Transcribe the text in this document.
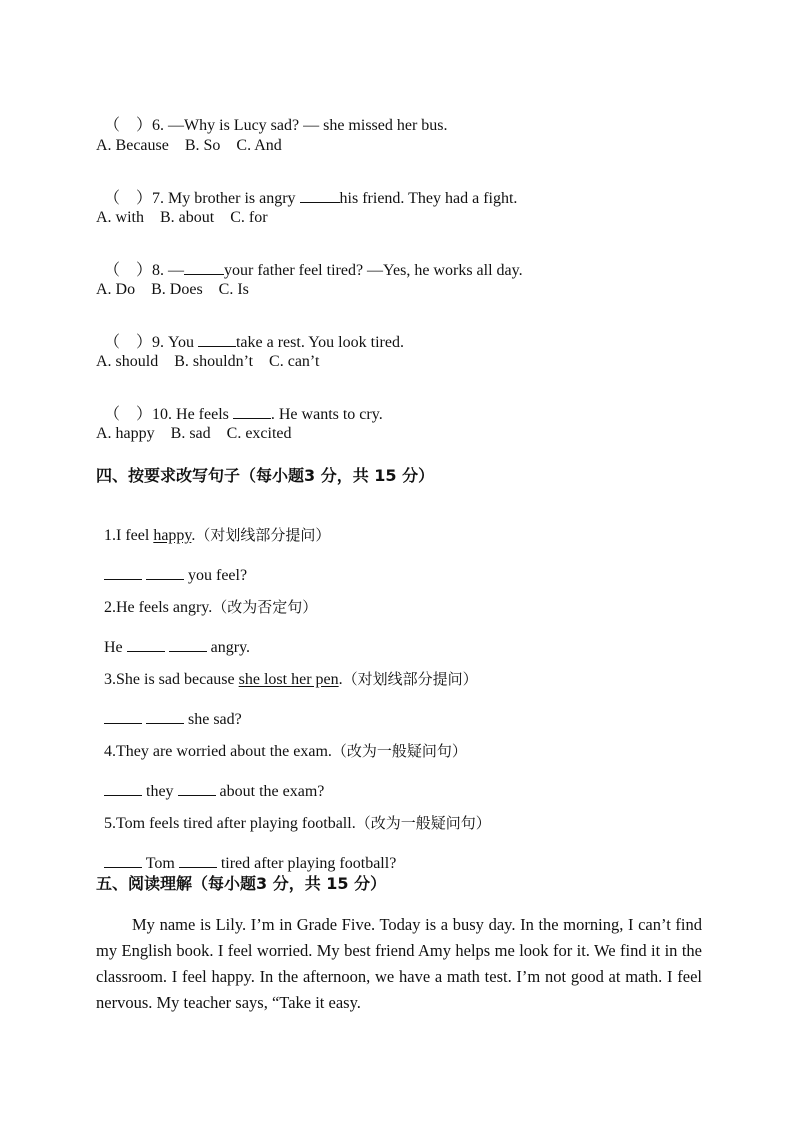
（　）6. —Why is Lucy sad? — she missed her bus.

A. Because　B. So　C. And

（　）7. My brother is angry	his friend. They had a fight.

A. with　B. about　C. for

（　）8. —	your father feel tired? —Yes, he works all day.

A. Do　B. Does　C. Is

（　）9. You take a rest. You look tired.

A. should　B. shouldn’t　C. can’t

（　）10. He feels . He wants to cry.

A. happy　B. sad　C. excited
四、按要求改写句子（每小题3 分，共 15 分）

1.I feel happy.（对划线部分提问）

you feel?

2.He feels angry.（改为否定句）

He	angry.

3.She is sad because she lost her pen.（对划线部分提问）

she sad?

4.They are worried about the exam.（改为一般疑问句）

they  about the exam?

5.Tom feels tired after playing football.（改为一般疑问句）

Tom  tired after playing football?

五、阅读理解（每小题3 分，共 15 分）
My name is Lily. I’m in Grade Five. Today is a busy day. In the morning, I can’t find my English book. I feel worried. My best friend Amy helps me look for it. We find it in the classroom. I feel happy. In the afternoon, we have a math test. I’m not good at math. I feel nervous. My teacher says, “Take it easy.
